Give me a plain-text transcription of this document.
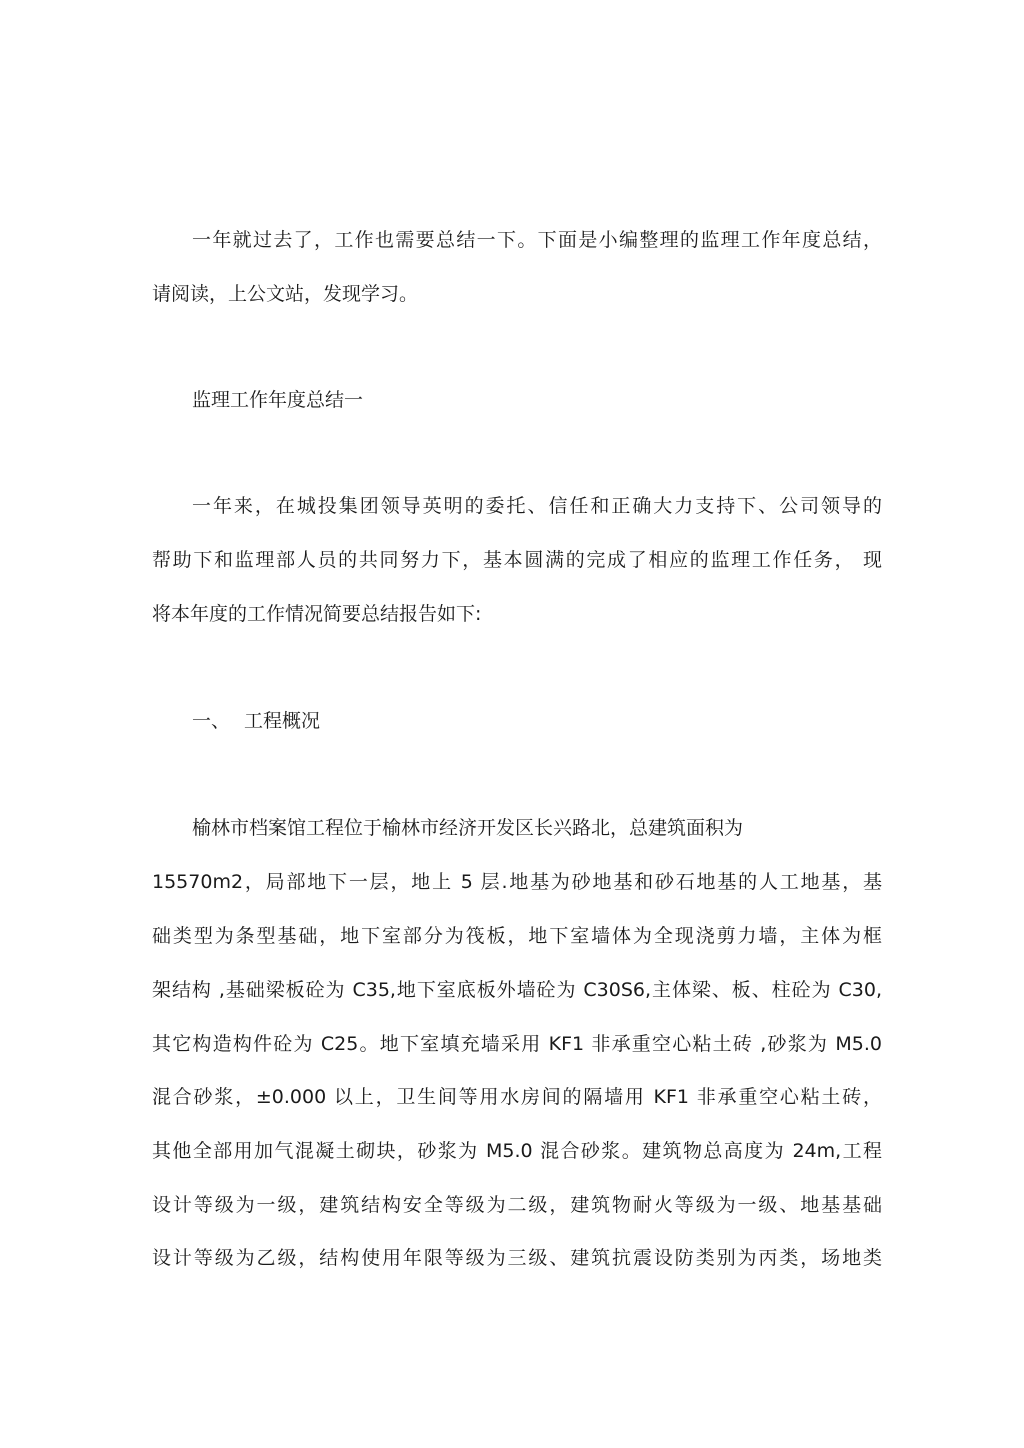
一年就过去了，工作也需要总结一下。下面是小编整理的监理工作年度总结，
请阅读，上公文站，发现学习。
监理工作年度总结一
一年来，在城投集团领导英明的委托、信任和正确大力支持下、公司领导的
帮助下和监理部人员的共同努力下，基本圆满的完成了相应的监理工作任务， 现
将本年度的工作情况简要总结报告如下:
一、 工程概况
榆林市档案馆工程位于榆林市经济开发区长兴路北，总建筑面积为
15570m2，局部地下一层，地上 5 层.地基为砂地基和砂石地基的人工地基，基
础类型为条型基础，地下室部分为筏板，地下室墙体为全现浇剪力墙，主体为框
架结构 ,基础梁板砼为 C35,地下室底板外墙砼为 C30S6,主体梁、板、柱砼为 C30,
其它构造构件砼为 C25。地下室填充墙采用 KF1 非承重空心粘土砖 ,砂浆为 M5.0
混合砂浆，±0.000 以上，卫生间等用水房间的隔墙用 KF1 非承重空心粘土砖，
其他全部用加气混凝土砌块，砂浆为 M5.0 混合砂浆。建筑物总高度为 24m,工程
设计等级为一级，建筑结构安全等级为二级，建筑物耐火等级为一级、地基基础
设计等级为乙级，结构使用年限等级为三级、建筑抗震设防类别为丙类，场地类
